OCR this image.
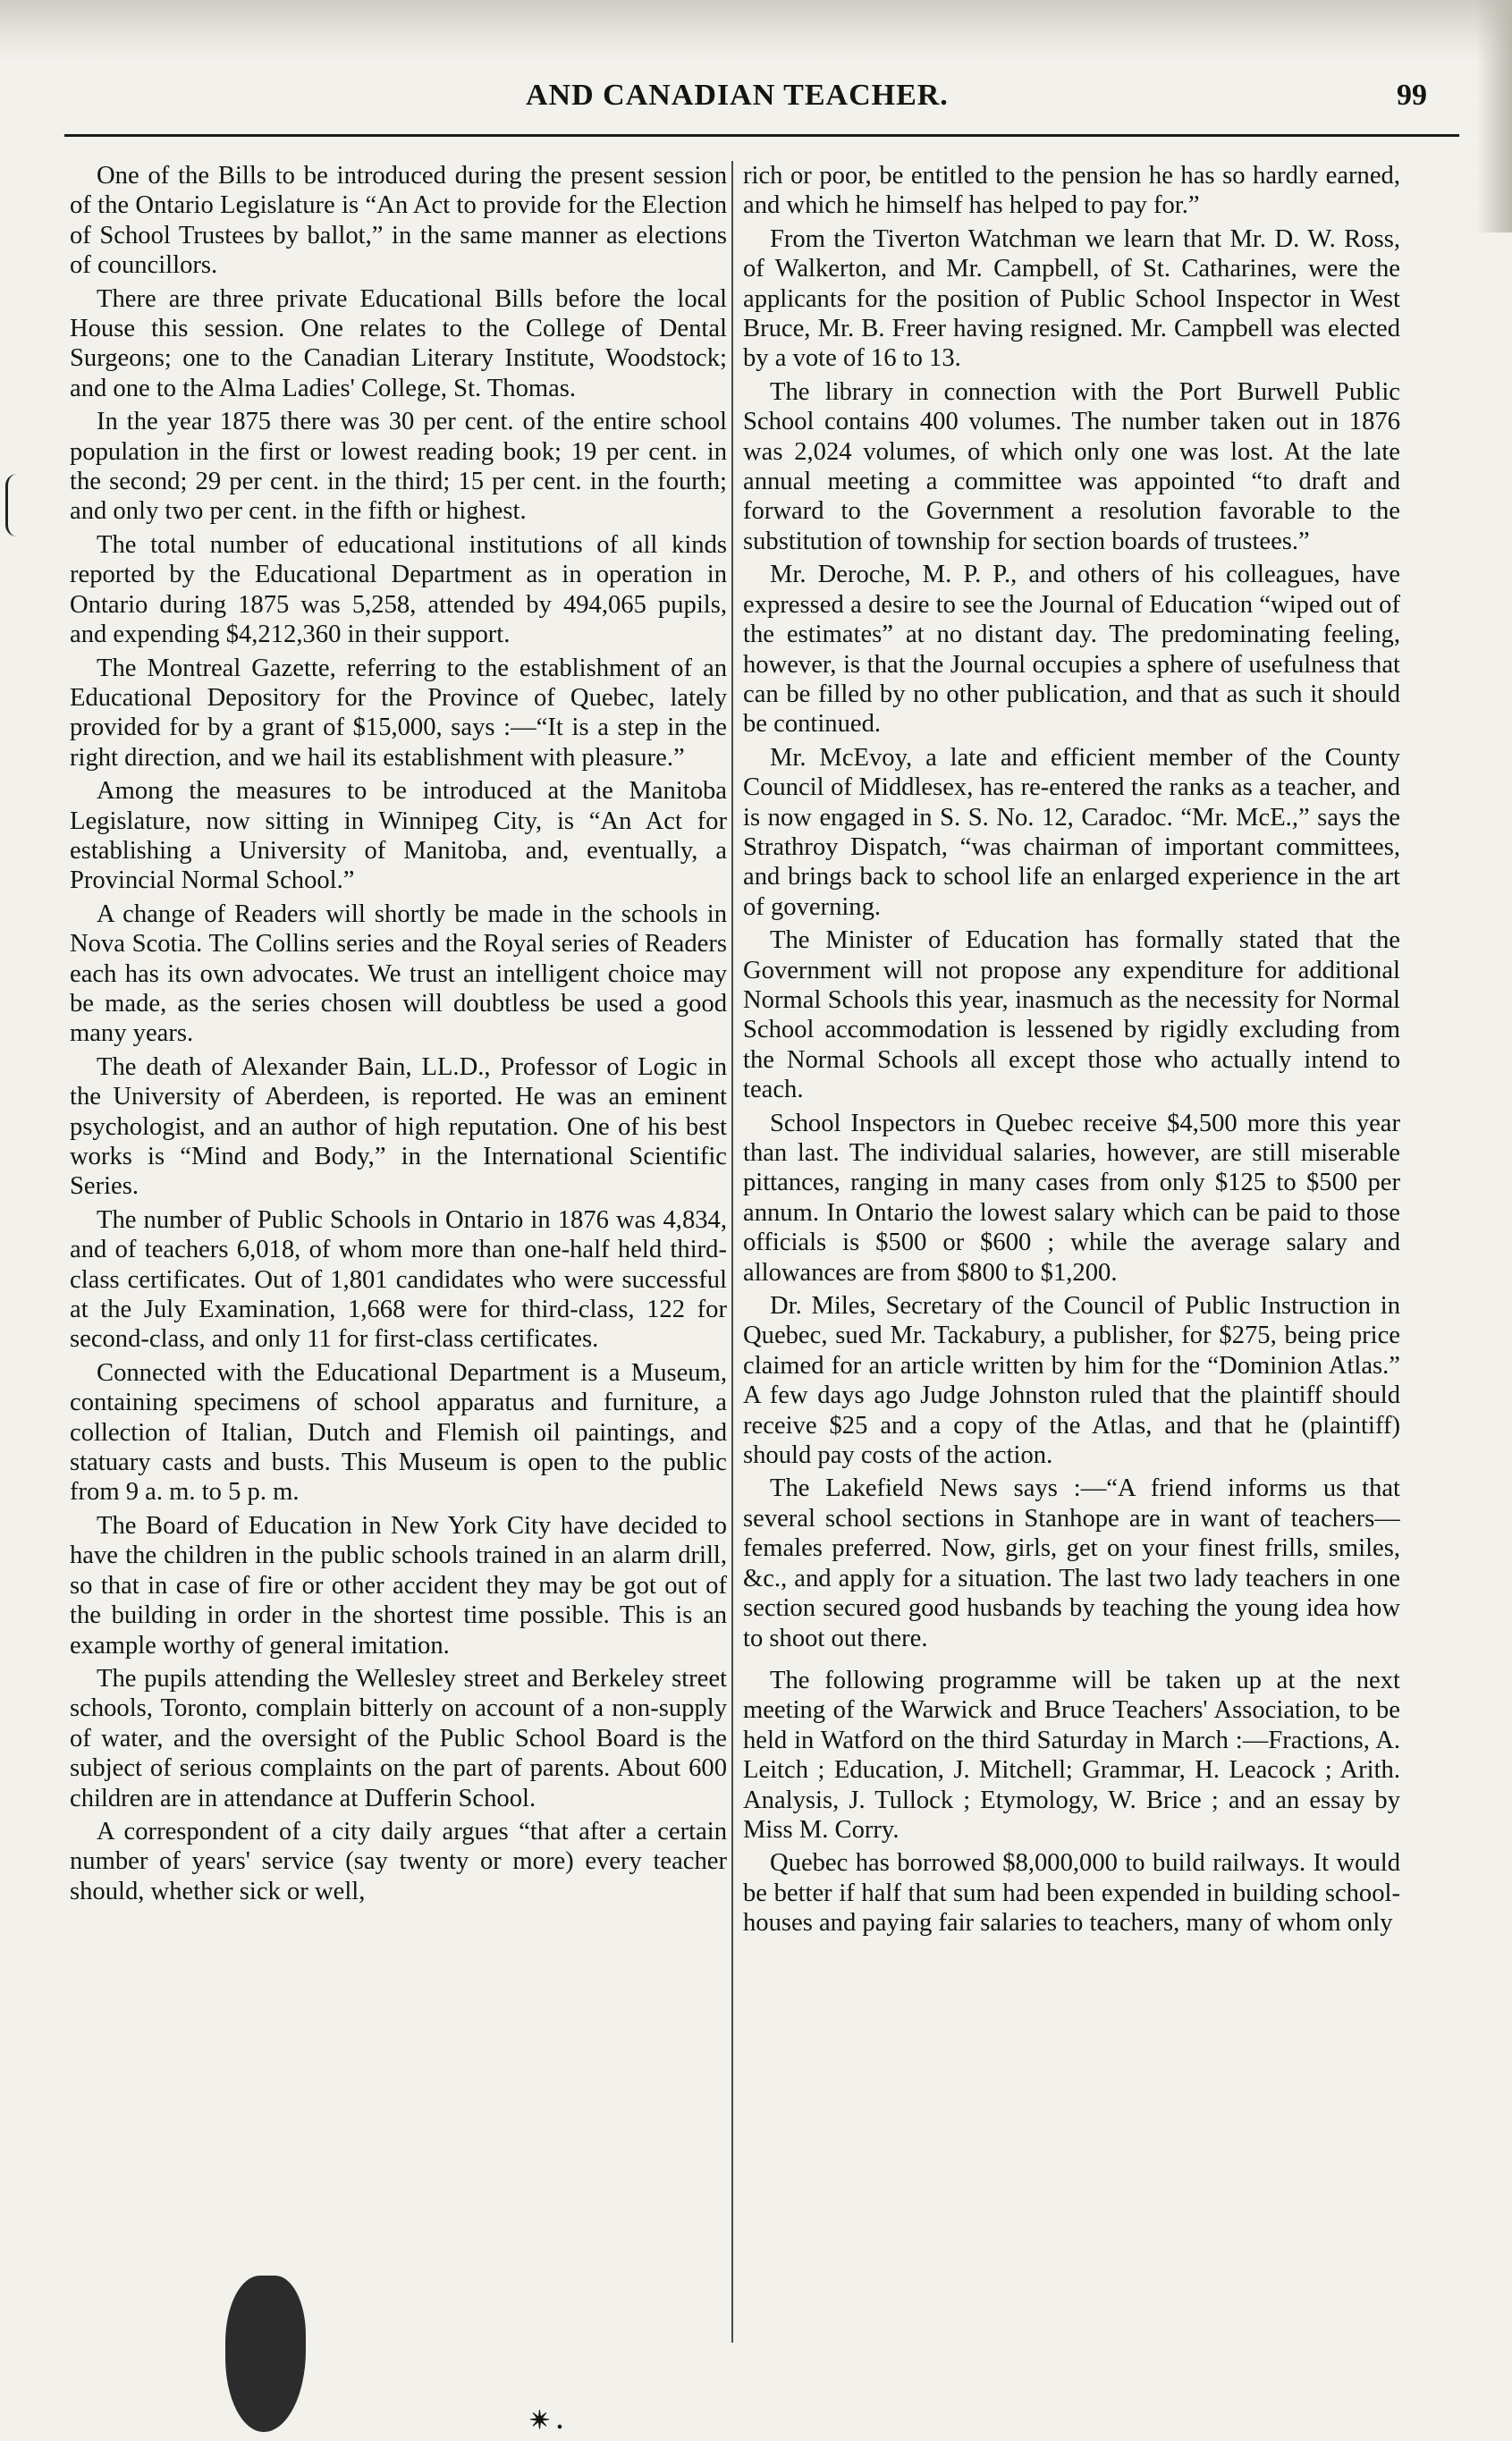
AND CANADIAN TEACHER.	99

One of the Bills to be introduced during the present session of the Ontario Legislature is “An Act to provide for the Election of School Trustees by ballot,” in the same manner as elections of councillors.

There are three private Educational Bills before the local House this session. One relates to the College of Dental Surgeons; one to the Canadian Literary Institute, Woodstock; and one to the Alma Ladies' College, St. Thomas.

In the year 1875 there was 30 per cent. of the entire school population in the first or lowest reading book; 19 per cent. in the second; 29 per cent. in the third; 15 per cent. in the fourth; and only two per cent. in the fifth or highest.

The total number of educational institutions of all kinds reported by the Educational Department as in operation in Ontario during 1875 was 5,258, attended by 494,065 pupils, and expending $4,212,360 in their support.

The Montreal Gazette, referring to the establishment of an Educational Depository for the Province of Quebec, lately provided for by a grant of $15,000, says :—“It is a step in the right direction, and we hail its establishment with pleasure.”

Among the measures to be introduced at the Manitoba Legislature, now sitting in Winnipeg City, is “An Act for establishing a University of Manitoba, and, eventually, a Provincial Normal School.”

A change of Readers will shortly be made in the schools in Nova Scotia. The Collins series and the Royal series of Readers each has its own advocates. We trust an intelligent choice may be made, as the series chosen will doubtless be used a good many years.

The death of Alexander Bain, LL.D., Professor of Logic in the University of Aberdeen, is reported. He was an eminent psychologist, and an author of high reputation. One of his best works is “Mind and Body,” in the International Scientific Series.

The number of Public Schools in Ontario in 1876 was 4,834, and of teachers 6,018, of whom more than one-half held third-class certificates. Out of 1,801 candidates who were successful at the July Examination, 1,668 were for third-class, 122 for second-class, and only 11 for first-class certificates.

Connected with the Educational Department is a Museum, containing specimens of school apparatus and furniture, a collection of Italian, Dutch and Flemish oil paintings, and statuary casts and busts. This Museum is open to the public from 9 a. m. to 5 p. m.

The Board of Education in New York City have decided to have the children in the public schools trained in an alarm drill, so that in case of fire or other accident they may be got out of the building in order in the shortest time possible. This is an example worthy of general imitation.

The pupils attending the Wellesley street and Berkeley street schools, Toronto, complain bitterly on account of a non-supply of water, and the oversight of the Public School Board is the subject of serious complaints on the part of parents. About 600 children are in attendance at Dufferin School.

A correspondent of a city daily argues “that after a certain number of years' service (say twenty or more) every teacher should, whether sick or well,

rich or poor, be entitled to the pension he has so hardly earned, and which he himself has helped to pay for.”

From the Tiverton Watchman we learn that Mr. D. W. Ross, of Walkerton, and Mr. Campbell, of St. Catharines, were the applicants for the position of Public School Inspector in West Bruce, Mr. B. Freer having resigned. Mr. Campbell was elected by a vote of 16 to 13.

The library in connection with the Port Burwell Public School contains 400 volumes. The number taken out in 1876 was 2,024 volumes, of which only one was lost. At the late annual meeting a committee was appointed “to draft and forward to the Government a resolution favorable to the substitution of township for section boards of trustees.”

Mr. Deroche, M. P. P., and others of his colleagues, have expressed a desire to see the Journal of Education “wiped out of the estimates” at no distant day. The predominating feeling, however, is that the Journal occupies a sphere of usefulness that can be filled by no other publication, and that as such it should be continued.

Mr. McEvoy, a late and efficient member of the County Council of Middlesex, has re-entered the ranks as a teacher, and is now engaged in S. S. No. 12, Caradoc. “Mr. McE.,” says the Strathroy Dispatch, “was chairman of important committees, and brings back to school life an enlarged experience in the art of governing.

The Minister of Education has formally stated that the Government will not propose any expenditure for additional Normal Schools this year, inasmuch as the necessity for Normal School accommodation is lessened by rigidly excluding from the Normal Schools all except those who actually intend to teach.

School Inspectors in Quebec receive $4,500 more this year than last. The individual salaries, however, are still miserable pittances, ranging in many cases from only $125 to $500 per annum. In Ontario the lowest salary which can be paid to those officials is $500 or $600 ; while the average salary and allowances are from $800 to $1,200.

Dr. Miles, Secretary of the Council of Public Instruction in Quebec, sued Mr. Tackabury, a publisher, for $275, being price claimed for an article written by him for the “Dominion Atlas.” A few days ago Judge Johnston ruled that the plaintiff should receive $25 and a copy of the Atlas, and that he (plaintiff) should pay costs of the action.

The Lakefield News says :—“A friend informs us that several school sections in Stanhope are in want of teachers—females preferred. Now, girls, get on your finest frills, smiles, &c., and apply for a situation. The last two lady teachers in one section secured good husbands by teaching the young idea how to shoot out there.

The following programme will be taken up at the next meeting of the Warwick and Bruce Teachers' Association, to be held in Watford on the third Saturday in March :—Fractions, A. Leitch ; Education, J. Mitchell; Grammar, H. Leacock ; Arith. Analysis, J. Tullock ; Etymology, W. Brice ; and an essay by Miss M. Corry.

Quebec has borrowed $8,000,000 to build railways. It would be better if half that sum had been expended in building school-houses and paying fair salaries to teachers, many of whom only

✴ .
